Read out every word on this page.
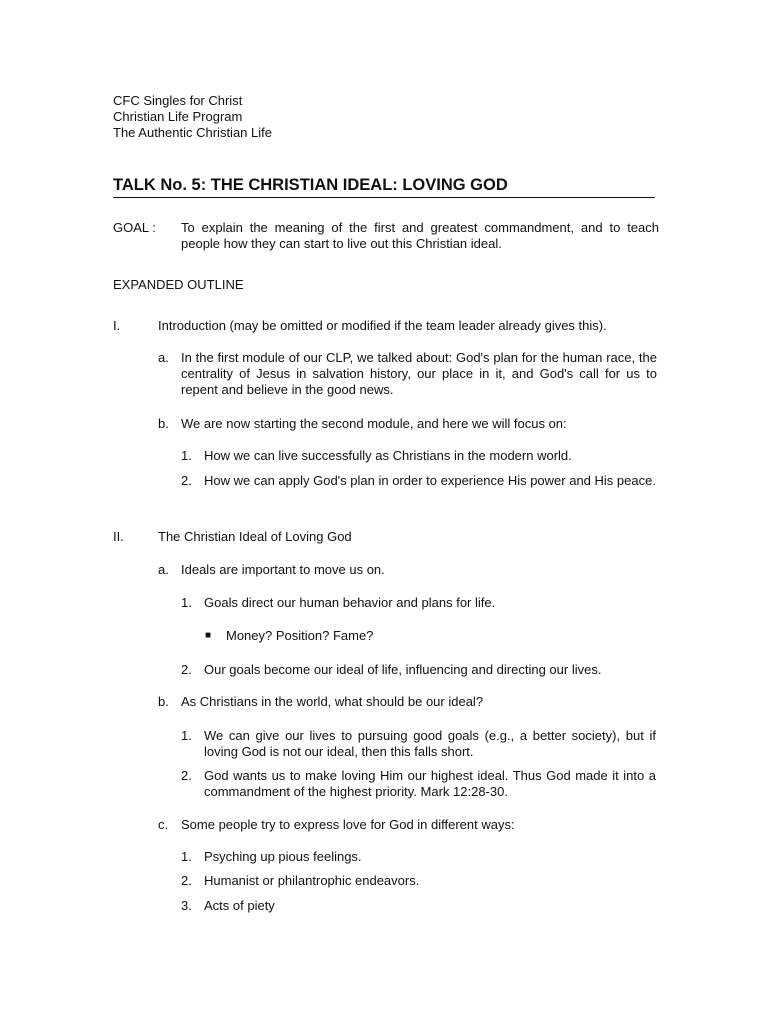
CFC Singles for Christ
Christian Life Program
The Authentic Christian Life
TALK No. 5: THE CHRISTIAN IDEAL: LOVING GOD
GOAL : To explain the meaning of the first and greatest commandment, and to teach people how they can start to live out this Christian ideal.
EXPANDED OUTLINE
I.	Introduction (may be omitted or modified if the team leader already gives this).
a. In the first module of our CLP, we talked about: God's plan for the human race, the centrality of Jesus in salvation history, our place in it, and God's call for us to repent and believe in the good news.
b. We are now starting the second module, and here we will focus on:
1. How we can live successfully as Christians in the modern world.
2. How we can apply God's plan in order to experience His power and His peace.
II.	The Christian Ideal of Loving God
a. Ideals are important to move us on.
1. Goals direct our human behavior and plans for life.
■ Money? Position? Fame?
2. Our goals become our ideal of life, influencing and directing our lives.
b. As Christians in the world, what should be our ideal?
1. We can give our lives to pursuing good goals (e.g., a better society), but if loving God is not our ideal, then this falls short.
2. God wants us to make loving Him our highest ideal. Thus God made it into a commandment of the highest priority. Mark 12:28-30.
c. Some people try to express love for God in different ways:
1. Psyching up pious feelings.
2. Humanist or philantrophic endeavors.
3. Acts of piety
